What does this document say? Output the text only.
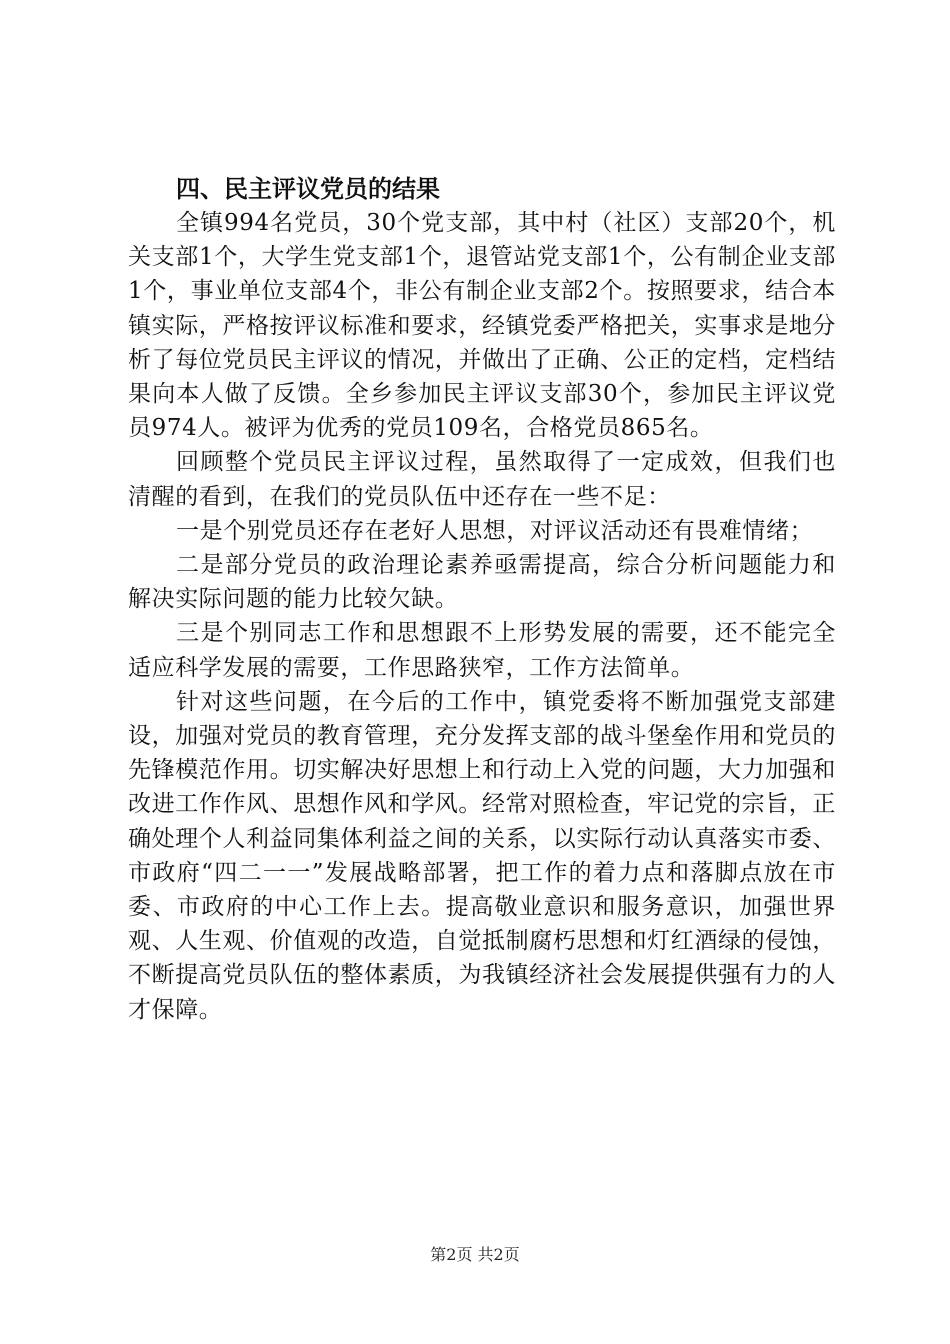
四、民主评议党员的结果

全镇994名党员，30个党支部，其中村（社区）支部20个，机关支部1个，大学生党支部1个，退管站党支部1个，公有制企业支部1个，事业单位支部4个，非公有制企业支部2个。按照要求，结合本镇实际，严格按评议标准和要求，经镇党委严格把关，实事求是地分析了每位党员民主评议的情况，并做出了正确、公正的定档，定档结果向本人做了反馈。全乡参加民主评议支部30个，参加民主评议党员974人。被评为优秀的党员109名，合格党员865名。

回顾整个党员民主评议过程，虽然取得了一定成效，但我们也清醒的看到，在我们的党员队伍中还存在一些不足：

一是个别党员还存在老好人思想，对评议活动还有畏难情绪；

二是部分党员的政治理论素养亟需提高，综合分析问题能力和解决实际问题的能力比较欠缺。

三是个别同志工作和思想跟不上形势发展的需要，还不能完全适应科学发展的需要，工作思路狭窄，工作方法简单。

针对这些问题，在今后的工作中，镇党委将不断加强党支部建设，加强对党员的教育管理，充分发挥支部的战斗堡垒作用和党员的先锋模范作用。切实解决好思想上和行动上入党的问题，大力加强和改进工作作风、思想作风和学风。经常对照检查，牢记党的宗旨，正确处理个人利益同集体利益之间的关系，以实际行动认真落实市委、市政府“四二一一”发展战略部署，把工作的着力点和落脚点放在市委、市政府的中心工作上去。提高敬业意识和服务意识，加强世界观、人生观、价值观的改造，自觉抵制腐朽思想和灯红酒绿的侵蚀，不断提高党员队伍的整体素质，为我镇经济社会发展提供强有力的人才保障。

第2页 共2页
